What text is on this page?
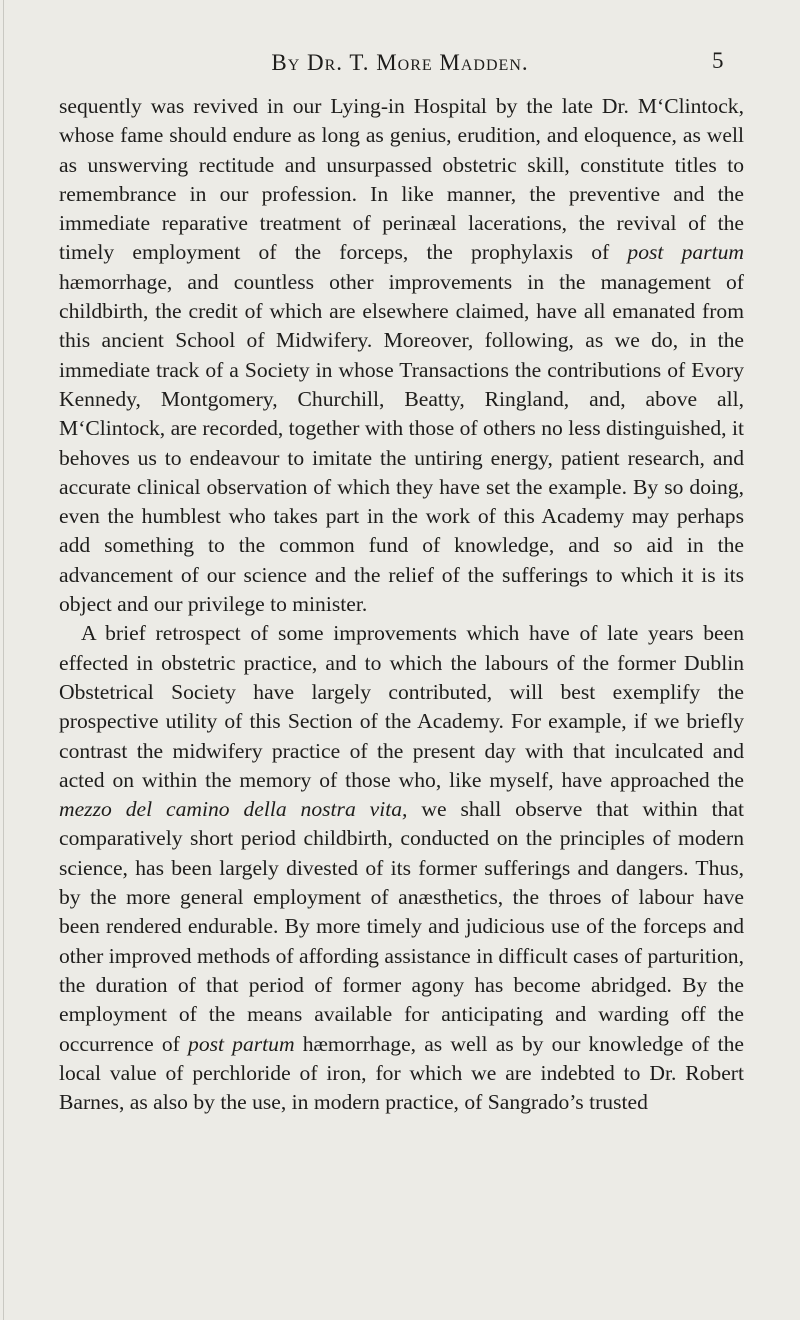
By Dr. T. More Madden.	5

sequently was revived in our Lying-in Hospital by the late Dr. M‘Clintock, whose fame should endure as long as genius, erudition, and eloquence, as well as unswerving rectitude and unsurpassed obstetric skill, constitute titles to remembrance in our profession. In like manner, the preventive and the immediate reparative treatment of perinæal lacerations, the revival of the timely employment of the forceps, the prophylaxis of post partum hæmorrhage, and countless other improvements in the management of childbirth, the credit of which are elsewhere claimed, have all emanated from this ancient School of Midwifery. Moreover, following, as we do, in the immediate track of a Society in whose Transactions the contributions of Evory Kennedy, Montgomery, Churchill, Beatty, Ringland, and, above all, M‘Clintock, are recorded, together with those of others no less distinguished, it behoves us to endeavour to imitate the untiring energy, patient research, and accurate clinical observation of which they have set the example. By so doing, even the humblest who takes part in the work of this Academy may perhaps add something to the common fund of knowledge, and so aid in the advancement of our science and the relief of the sufferings to which it is its object and our privilege to minister.

A brief retrospect of some improvements which have of late years been effected in obstetric practice, and to which the labours of the former Dublin Obstetrical Society have largely contributed, will best exemplify the prospective utility of this Section of the Academy. For example, if we briefly contrast the midwifery practice of the present day with that inculcated and acted on within the memory of those who, like myself, have approached the mezzo del camino della nostra vita, we shall observe that within that comparatively short period childbirth, conducted on the principles of modern science, has been largely divested of its former sufferings and dangers. Thus, by the more general employment of anæsthetics, the throes of labour have been rendered endurable. By more timely and judicious use of the forceps and other improved methods of affording assistance in difficult cases of parturition, the duration of that period of former agony has become abridged. By the employment of the means available for anticipating and warding off the occurrence of post partum hæmorrhage, as well as by our knowledge of the local value of perchloride of iron, for which we are indebted to Dr. Robert Barnes, as also by the use, in modern practice, of Sangrado’s trusted
